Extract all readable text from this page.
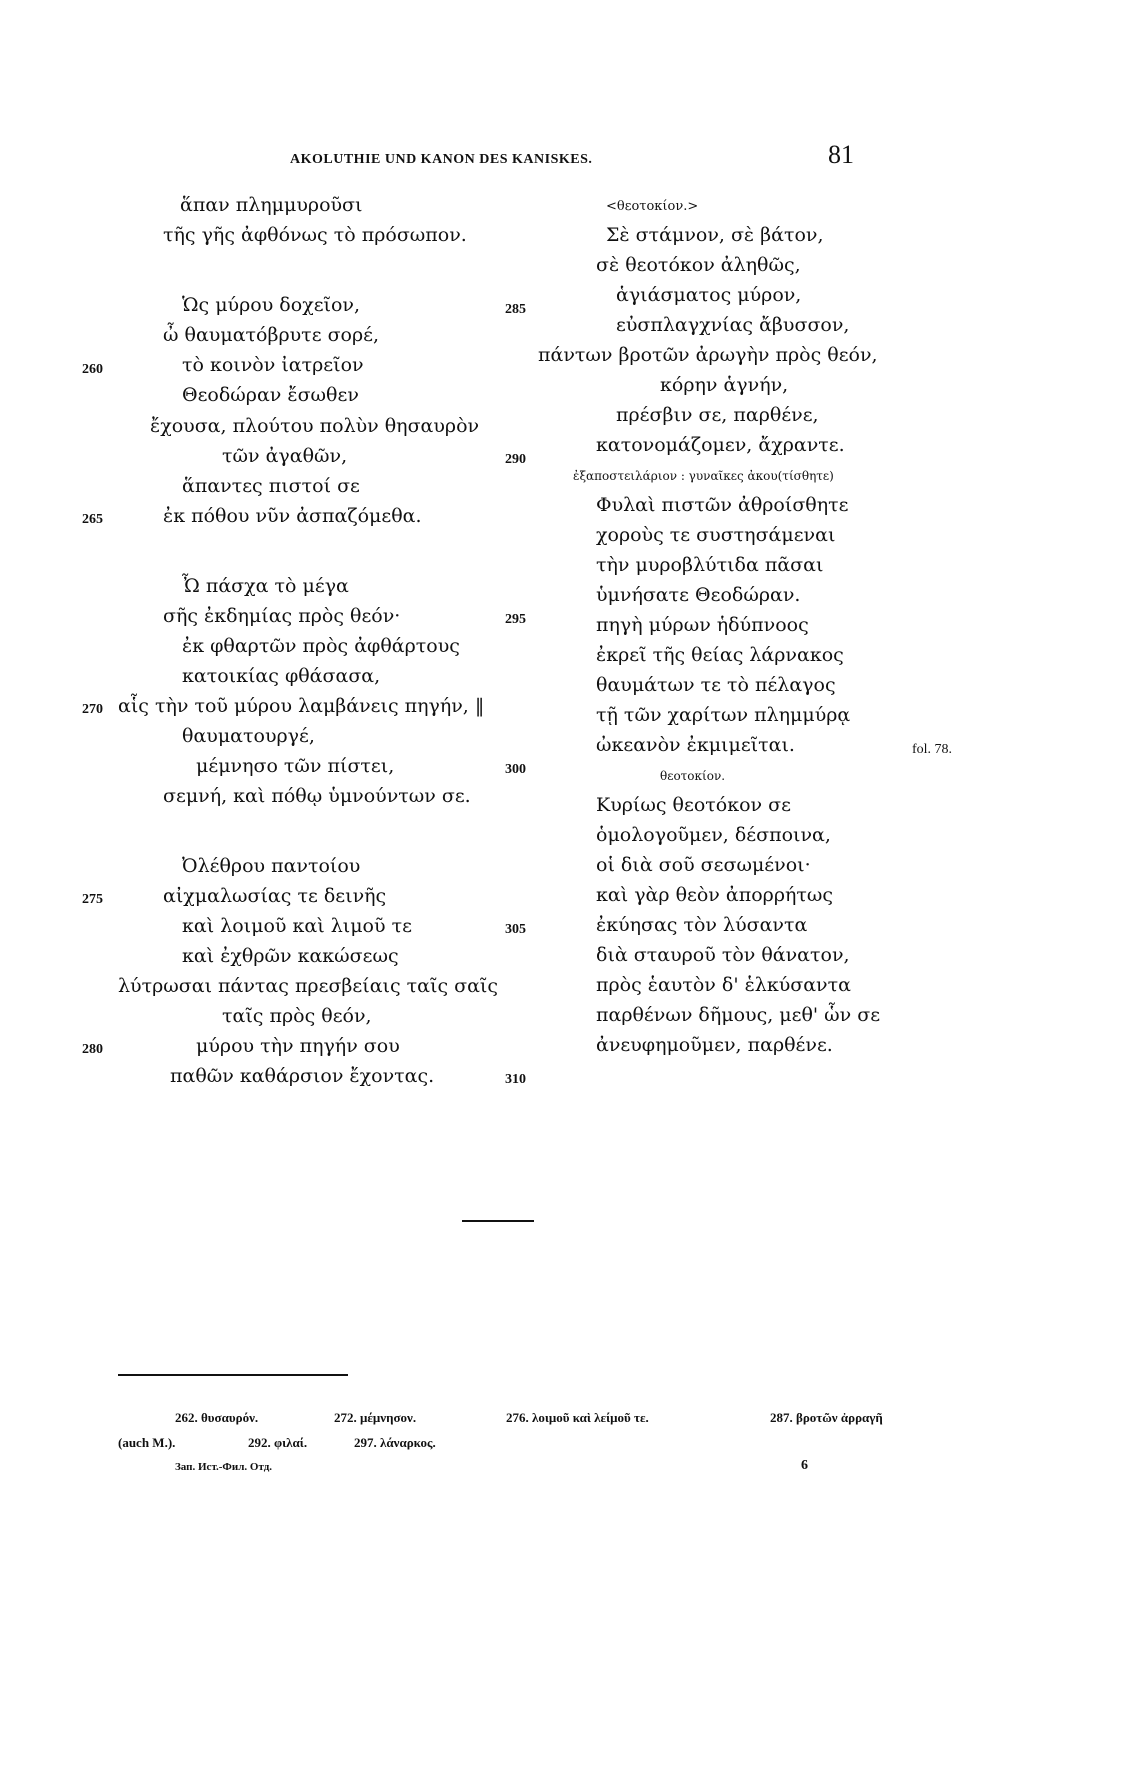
AKOLUTHIE UND KANON DES KANISKES.	81
ἅπαν πλημμυροῦσι
τῆς γῆς ἀφθόνως τὸ πρόσωπον.
Ὡς μύρου δοχεῖον,
ὦ θαυματόβρυτε σορέ,
τὸ κοινὸν ἰατρεῖον
Θεοδώραν ἔσωθεν
ἔχουσα, πλούτου πολὺν θησαυρὸν
τῶν ἀγαθῶν,
ἅπαντες πιστοί σε
ἐκ πόθου νῦν ἀσπαζόμεθα.
Ὦ πάσχα τὸ μέγα
σῆς ἐκδημίας πρὸς θεόν·
ἐκ φθαρτῶν πρὸς ἀφθάρτους
κατοικίας φθάσασα,
αἷς τὴν τοῦ μύρου λαμβάνεις πηγήν, ‖
θαυματουργέ,
μέμνησο τῶν πίστει,
σεμνή, καὶ πόθῳ ὑμνούντων σε.
Ὀλέθρου παντοίου
αἰχμαλωσίας τε δεινῆς
καὶ λοιμοῦ καὶ λιμοῦ τε
καὶ ἐχθρῶν κακώσεως
λύτρωσαι πάντας πρεσβείαις ταῖς σαῖς
ταῖς πρὸς θεόν,
μύρου τὴν πηγήν σου
παθῶν καθάρσιον ἔχοντας.
260
265
270
275
280
285
290
295
300
305
310
<θεοτοκίον.>
Σὲ στάμνον, σὲ βάτον,
σὲ θεοτόκον ἀληθῶς,
ἁγιάσματος μύρον,
εὐσπλαγχνίας ἄβυσσον,
πάντων βροτῶν ἀρωγὴν πρὸς θεόν,
κόρην ἁγνήν,
πρέσβιν σε, παρθένε,
κατονομάζομεν, ἄχραντε.
ἐξαποστειλάριον : γυναῖκες ἀκου(τίσθητε)
Φυλαὶ πιστῶν ἀθροίσθητε
χοροὺς τε συστησάμεναι
τὴν μυροβλύτιδα πᾶσαι
ὑμνήσατε Θεοδώραν.
πηγὴ μύρων ἡδύπνοος
ἐκρεῖ τῆς θείας λάρνακος
θαυμάτων τε τὸ πέλαγος
τῇ τῶν χαρίτων πλημμύρᾳ
ὠκεανὸν ἐκμιμεῖται.
θεοτοκίον.
Κυρίως θεοτόκον σε
ὁμολογοῦμεν, δέσποινα,
οἱ διὰ σοῦ σεσωμένοι·
καὶ γὰρ θεὸν ἀπορρήτως
ἐκύησας τὸν λύσαντα
διὰ σταυροῦ τὸν θάνατον,
πρὸς ἑαυτὸν δ' ἑλκύσαντα
παρθένων δῆμους, μεθ' ὧν σε
ἀνευφημοῦμεν, παρθένε.
fol. 78.
262. θυσαυρόν.	272. μέμνησον.	276. λοιμοῦ καὶ λείμοῦ τε.	287. βροτῶν ἀρραγῆ
(auch M.).	292. φιλαί.	297. λάναρκος.
Зап. Ист.-Фил. Отд.	6
